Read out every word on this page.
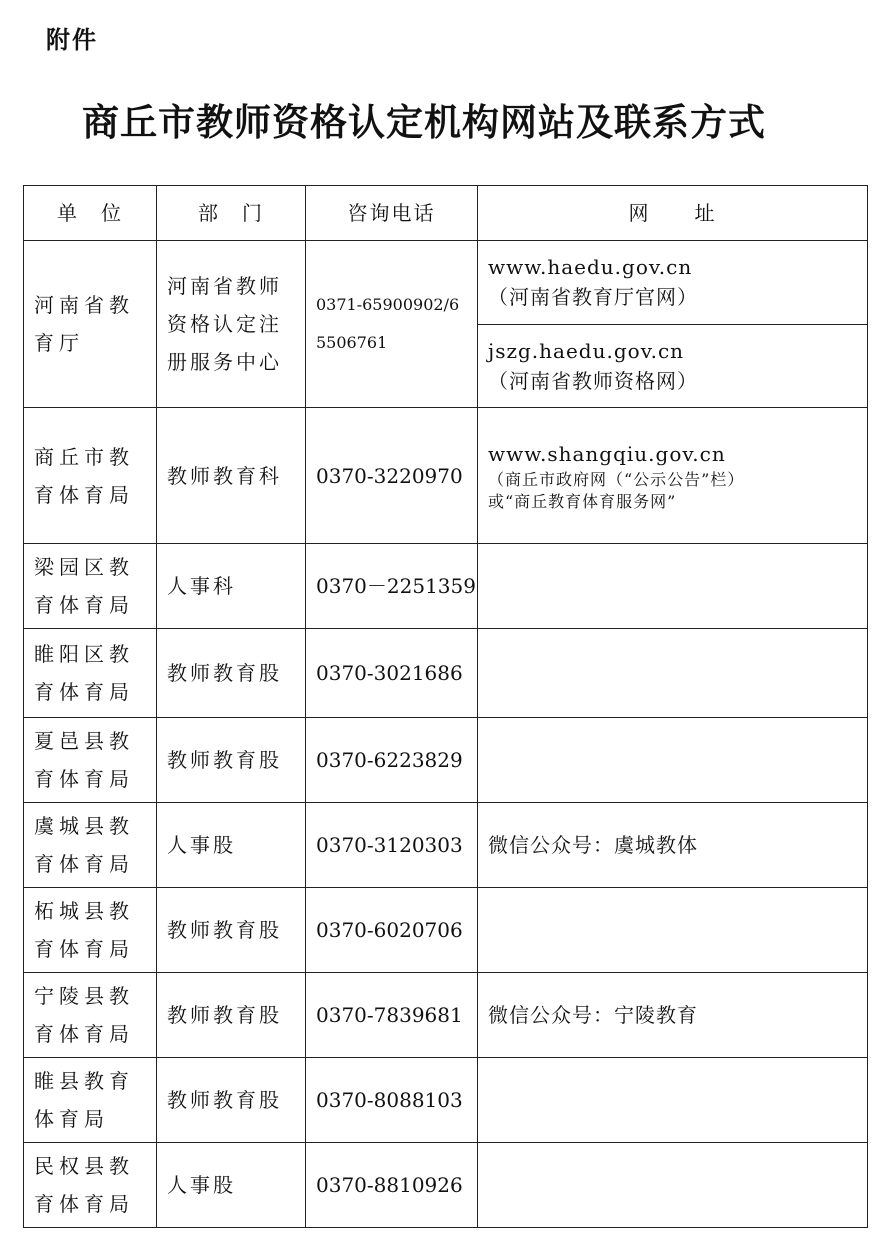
附件
商丘市教师资格认定机构网站及联系方式
单　位	部　门	咨询电话	网　　址
河南省教育厅	河南省教师资格认定注册服务中心	0371-65900902/65506761	www.haedu.gov.cn
（河南省教育厅官网）

			jszg.haedu.gov.cn
（河南省教师资格网）

商丘市教育体育局	教师教育科	0370-3220970	www.shangqiu.gov.cn
（商丘市政府网（“公示公告”栏）
或“商丘教育体育服务网”

梁园区教育体育局	人事科	0370－2251359	
睢阳区教育体育局	教师教育股	0370-3021686	
夏邑县教育体育局	教师教育股	0370-6223829	
虞城县教育体育局	人事股	0370-3120303	微信公众号：虞城教体
柘城县教育体育局	教师教育股	0370-6020706	
宁陵县教育体育局	教师教育股	0370-7839681	微信公众号：宁陵教育
睢县教育体育局	教师教育股	0370-8088103	
民权县教育体育局	人事股	0370-8810926	
